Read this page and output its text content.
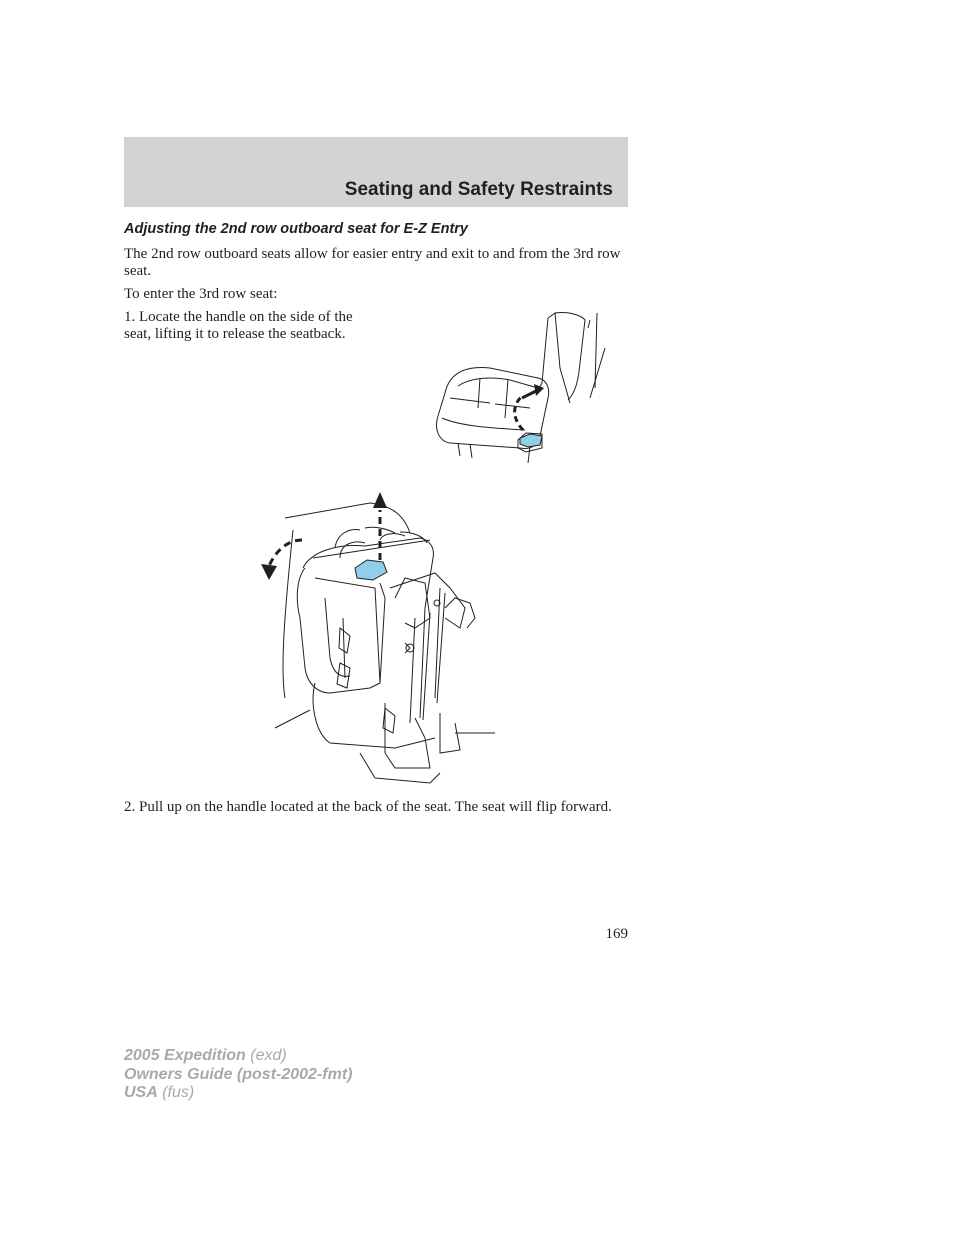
Seating and Safety Restraints
Adjusting the 2nd row outboard seat for E-Z Entry

The 2nd row outboard seats allow for easier entry and exit to and from the 3rd row seat.

To enter the 3rd row seat:

1. Locate the handle on the side of the seat, lifting it to release the seatback.

2. Pull up on the handle located at the back of the seat. The seat will flip forward.

169

2005 Expedition (exd)
Owners Guide (post-2002-fmt)
USA (fus)
